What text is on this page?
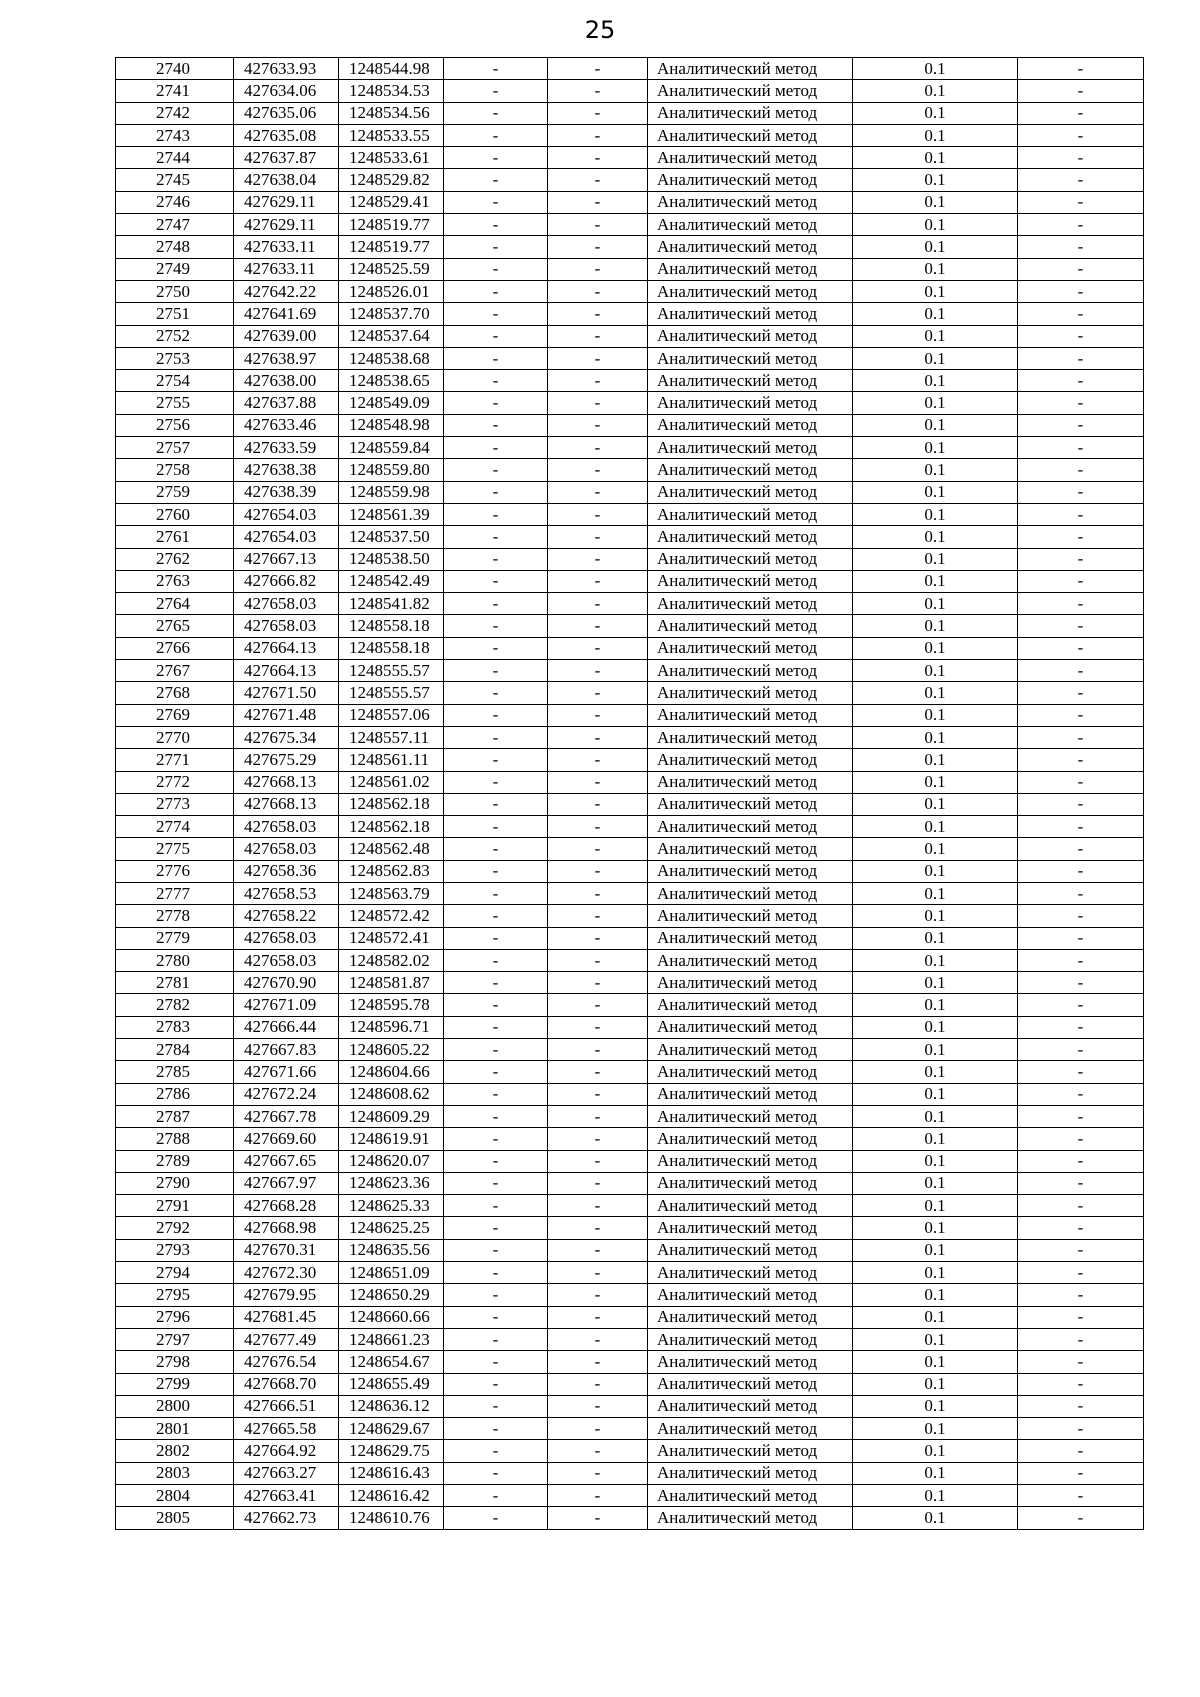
25
2740	427633.93	1248544.98	-	-	Аналитический метод	0.1	-
2741	427634.06	1248534.53	-	-	Аналитический метод	0.1	-
2742	427635.06	1248534.56	-	-	Аналитический метод	0.1	-
2743	427635.08	1248533.55	-	-	Аналитический метод	0.1	-
2744	427637.87	1248533.61	-	-	Аналитический метод	0.1	-
2745	427638.04	1248529.82	-	-	Аналитический метод	0.1	-
2746	427629.11	1248529.41	-	-	Аналитический метод	0.1	-
2747	427629.11	1248519.77	-	-	Аналитический метод	0.1	-
2748	427633.11	1248519.77	-	-	Аналитический метод	0.1	-
2749	427633.11	1248525.59	-	-	Аналитический метод	0.1	-
2750	427642.22	1248526.01	-	-	Аналитический метод	0.1	-
2751	427641.69	1248537.70	-	-	Аналитический метод	0.1	-
2752	427639.00	1248537.64	-	-	Аналитический метод	0.1	-
2753	427638.97	1248538.68	-	-	Аналитический метод	0.1	-
2754	427638.00	1248538.65	-	-	Аналитический метод	0.1	-
2755	427637.88	1248549.09	-	-	Аналитический метод	0.1	-
2756	427633.46	1248548.98	-	-	Аналитический метод	0.1	-
2757	427633.59	1248559.84	-	-	Аналитический метод	0.1	-
2758	427638.38	1248559.80	-	-	Аналитический метод	0.1	-
2759	427638.39	1248559.98	-	-	Аналитический метод	0.1	-
2760	427654.03	1248561.39	-	-	Аналитический метод	0.1	-
2761	427654.03	1248537.50	-	-	Аналитический метод	0.1	-
2762	427667.13	1248538.50	-	-	Аналитический метод	0.1	-
2763	427666.82	1248542.49	-	-	Аналитический метод	0.1	-
2764	427658.03	1248541.82	-	-	Аналитический метод	0.1	-
2765	427658.03	1248558.18	-	-	Аналитический метод	0.1	-
2766	427664.13	1248558.18	-	-	Аналитический метод	0.1	-
2767	427664.13	1248555.57	-	-	Аналитический метод	0.1	-
2768	427671.50	1248555.57	-	-	Аналитический метод	0.1	-
2769	427671.48	1248557.06	-	-	Аналитический метод	0.1	-
2770	427675.34	1248557.11	-	-	Аналитический метод	0.1	-
2771	427675.29	1248561.11	-	-	Аналитический метод	0.1	-
2772	427668.13	1248561.02	-	-	Аналитический метод	0.1	-
2773	427668.13	1248562.18	-	-	Аналитический метод	0.1	-
2774	427658.03	1248562.18	-	-	Аналитический метод	0.1	-
2775	427658.03	1248562.48	-	-	Аналитический метод	0.1	-
2776	427658.36	1248562.83	-	-	Аналитический метод	0.1	-
2777	427658.53	1248563.79	-	-	Аналитический метод	0.1	-
2778	427658.22	1248572.42	-	-	Аналитический метод	0.1	-
2779	427658.03	1248572.41	-	-	Аналитический метод	0.1	-
2780	427658.03	1248582.02	-	-	Аналитический метод	0.1	-
2781	427670.90	1248581.87	-	-	Аналитический метод	0.1	-
2782	427671.09	1248595.78	-	-	Аналитический метод	0.1	-
2783	427666.44	1248596.71	-	-	Аналитический метод	0.1	-
2784	427667.83	1248605.22	-	-	Аналитический метод	0.1	-
2785	427671.66	1248604.66	-	-	Аналитический метод	0.1	-
2786	427672.24	1248608.62	-	-	Аналитический метод	0.1	-
2787	427667.78	1248609.29	-	-	Аналитический метод	0.1	-
2788	427669.60	1248619.91	-	-	Аналитический метод	0.1	-
2789	427667.65	1248620.07	-	-	Аналитический метод	0.1	-
2790	427667.97	1248623.36	-	-	Аналитический метод	0.1	-
2791	427668.28	1248625.33	-	-	Аналитический метод	0.1	-
2792	427668.98	1248625.25	-	-	Аналитический метод	0.1	-
2793	427670.31	1248635.56	-	-	Аналитический метод	0.1	-
2794	427672.30	1248651.09	-	-	Аналитический метод	0.1	-
2795	427679.95	1248650.29	-	-	Аналитический метод	0.1	-
2796	427681.45	1248660.66	-	-	Аналитический метод	0.1	-
2797	427677.49	1248661.23	-	-	Аналитический метод	0.1	-
2798	427676.54	1248654.67	-	-	Аналитический метод	0.1	-
2799	427668.70	1248655.49	-	-	Аналитический метод	0.1	-
2800	427666.51	1248636.12	-	-	Аналитический метод	0.1	-
2801	427665.58	1248629.67	-	-	Аналитический метод	0.1	-
2802	427664.92	1248629.75	-	-	Аналитический метод	0.1	-
2803	427663.27	1248616.43	-	-	Аналитический метод	0.1	-
2804	427663.41	1248616.42	-	-	Аналитический метод	0.1	-
2805	427662.73	1248610.76	-	-	Аналитический метод	0.1	-
